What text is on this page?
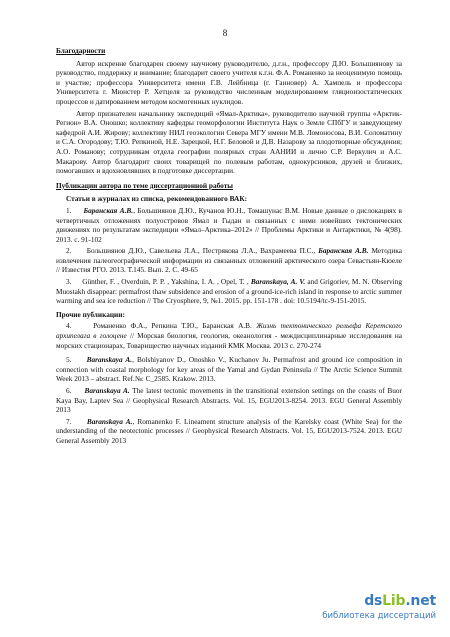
8
Благодарности

Автор искренне благодарен своему научному руководителю, д.г.н., профессору Д.Ю. Большиянову за руководство, поддержку и внимание; благодарит своего учителя к.г.н. Ф.А. Романенко за неоценимую помощь и участие; профессора Университета имени Г.В. Лейбница (г. Ганновер) А. Хампель и профессора Университета г. Мюнстер Р. Хетцеля за руководство численным моделированием гляциоизостатических процессов и датированием методом космогенных нуклидов.

Автор признателен начальнику экспедиций «Ямал-Арктика», руководителю научной группы «Арктик-Регион» В.А. Оношко; коллективу кафедры геоморфологии Института Наук о Земле СПбГУ и заведующему кафедрой А.И. Жирову; коллективу НИЛ геоэкологии Севера МГУ имени М.В. Ломоносова, В.И. Соломатину и С.А. Огородову; Т.Ю. Репкиной, Н.Е. Зарецкой, Н.Г. Беловой и Д.В. Назарову за плодотворные обсуждения; А.О. Романову; сотрудникам отдела географии полярных стран ААНИИ и лично С.Р. Веркулич и А.С. Макарову. Автор благодарит своих товарищей по полевым работам, однокурсников, друзей и близких, помогавших и вдохновлявших в подготовке диссертации.

Публикации автора по теме диссертационной работы
Статьи в журналах из списка, рекомендованного ВАК:
1. Баранская А.В., Большиянов Д.Ю., Кучанов Ю.Н., Томашунас В.М. Новые данные о дислокациях в четвертичных отложениях полуостровов Ямал и Гыдан и связанных с ними новейших тектонических движениях по результатам экспедиции «Ямал–Арктика–2012» // Проблемы Арктики и Антарктики, № 4(98). 2013. с. 91-102
2. Большиянов Д.Ю., Савельева Л.А., Пестрякова Л.А., Вахрамеева П.С., Баранская А.В. Методика извлечения палеогеографической информации из связанных отложений арктического озера Севастьян-Кюеле // Известия РГО. 2013. Т.145. Вып. 2. С. 49-65
3. Günther, F. , Overduin, P. P. , Yakshina, I. A. , Opel, T. , Baranskaya, A. V. and Grigoriev, M. N. Observing Muostakh disappear: permafrost thaw subsidence and erosion of a ground-ice-rich island in response to arctic summer warming and sea ice reduction // The Cryosphere, 9, №1. 2015. pp. 151-178 . doi: 10.5194/tc-9-151-2015.
Прочие публикации:
4.	Романенко Ф.А., Репкина Т.Ю., Баранская А.В. Жизнь тектонического рельефа Керетского архипелага в голоцене // Морская биология, геология, океанология - междисциплинарные исследования на морских стационарах, Товарищество научных изданий КМК Москва. 2013 с. 270-274
5. Baranskaya A., Bolshiyanov D., Onoshko V., Kuchanov Ju. Permafrost and ground ice composition in connection with coastal morphology for key areas of the Yamal and Gydan Peninsula // The Arctic Science Summit Week 2013 – abstract. Ref.№: C_2585. Krakow. 2013.
6. Baranskaya A. The latest tectonic movements in the transitional extension settings on the coasts of Buor Kaya Bay, Laptev Sea // Geophysical Research Abstracts. Vol. 15, EGU2013-8254. 2013. EGU General Assembly 2013
7. Baranskaya A., Romanenko F. Lineament structure analysis of the Karelsky coast (White Sea) for the understanding of the neotectonic processes // Geophysical Research Abstracts. Vol. 15, EGU2013-7524. 2013. EGU General Assembly 2013
dsLib.net
библиотека диссертаций
